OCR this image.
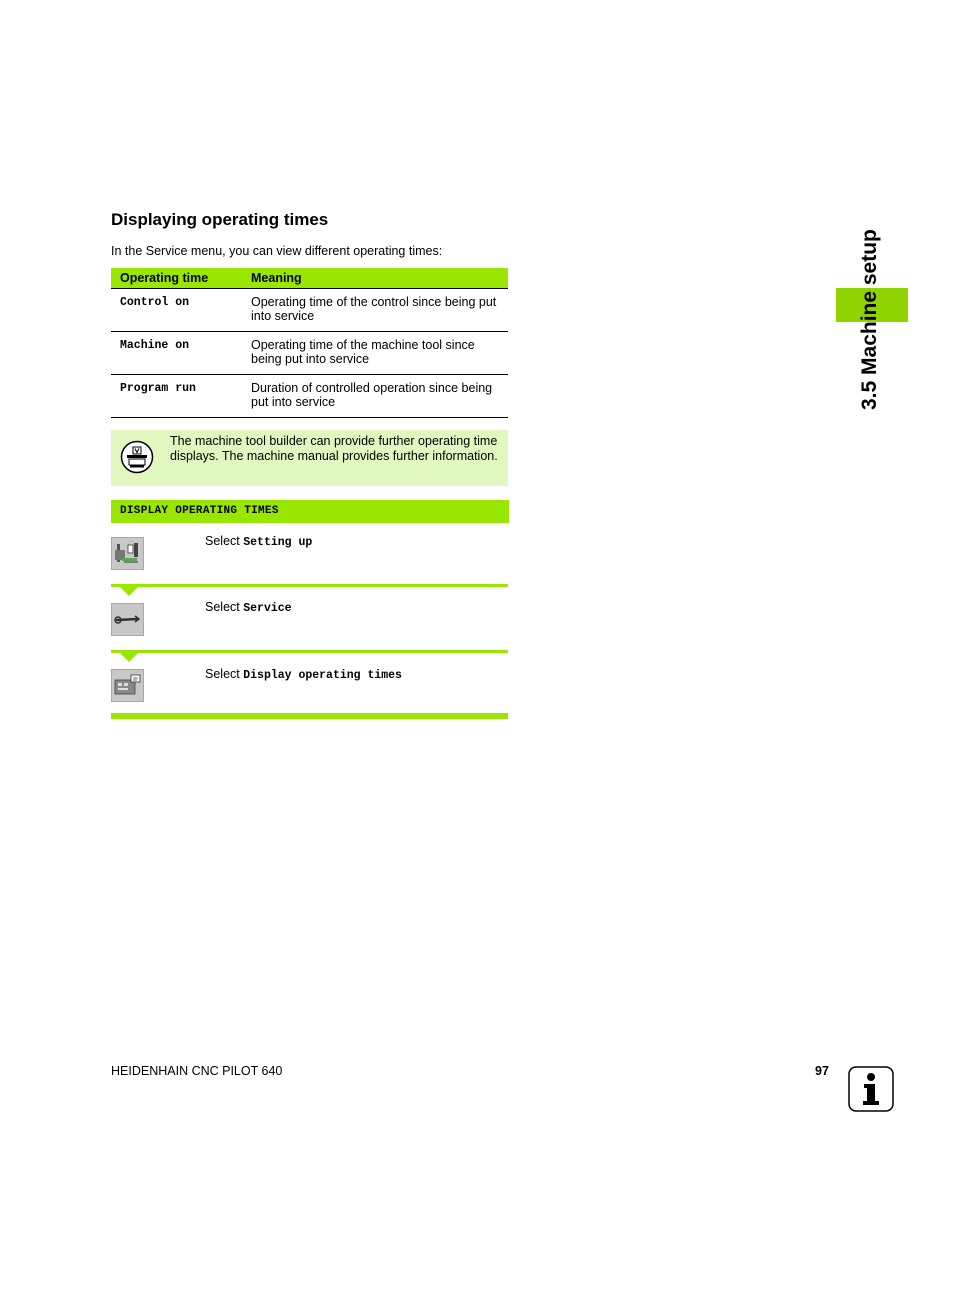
Displaying operating times

In the Service menu, you can view different operating times:

Operating time	Meaning
Control on	Operating time of the control since being put into service
Machine on	Operating time of the machine tool since being put into service
Program run	Duration of controlled operation since being put into service

The machine tool builder can provide further operating time displays. The machine manual provides further information.

DISPLAY OPERATING TIMES
Select Setting up
Select Service
Select Display operating times
3.5 Machine setup
HEIDENHAIN CNC PILOT 640	97
